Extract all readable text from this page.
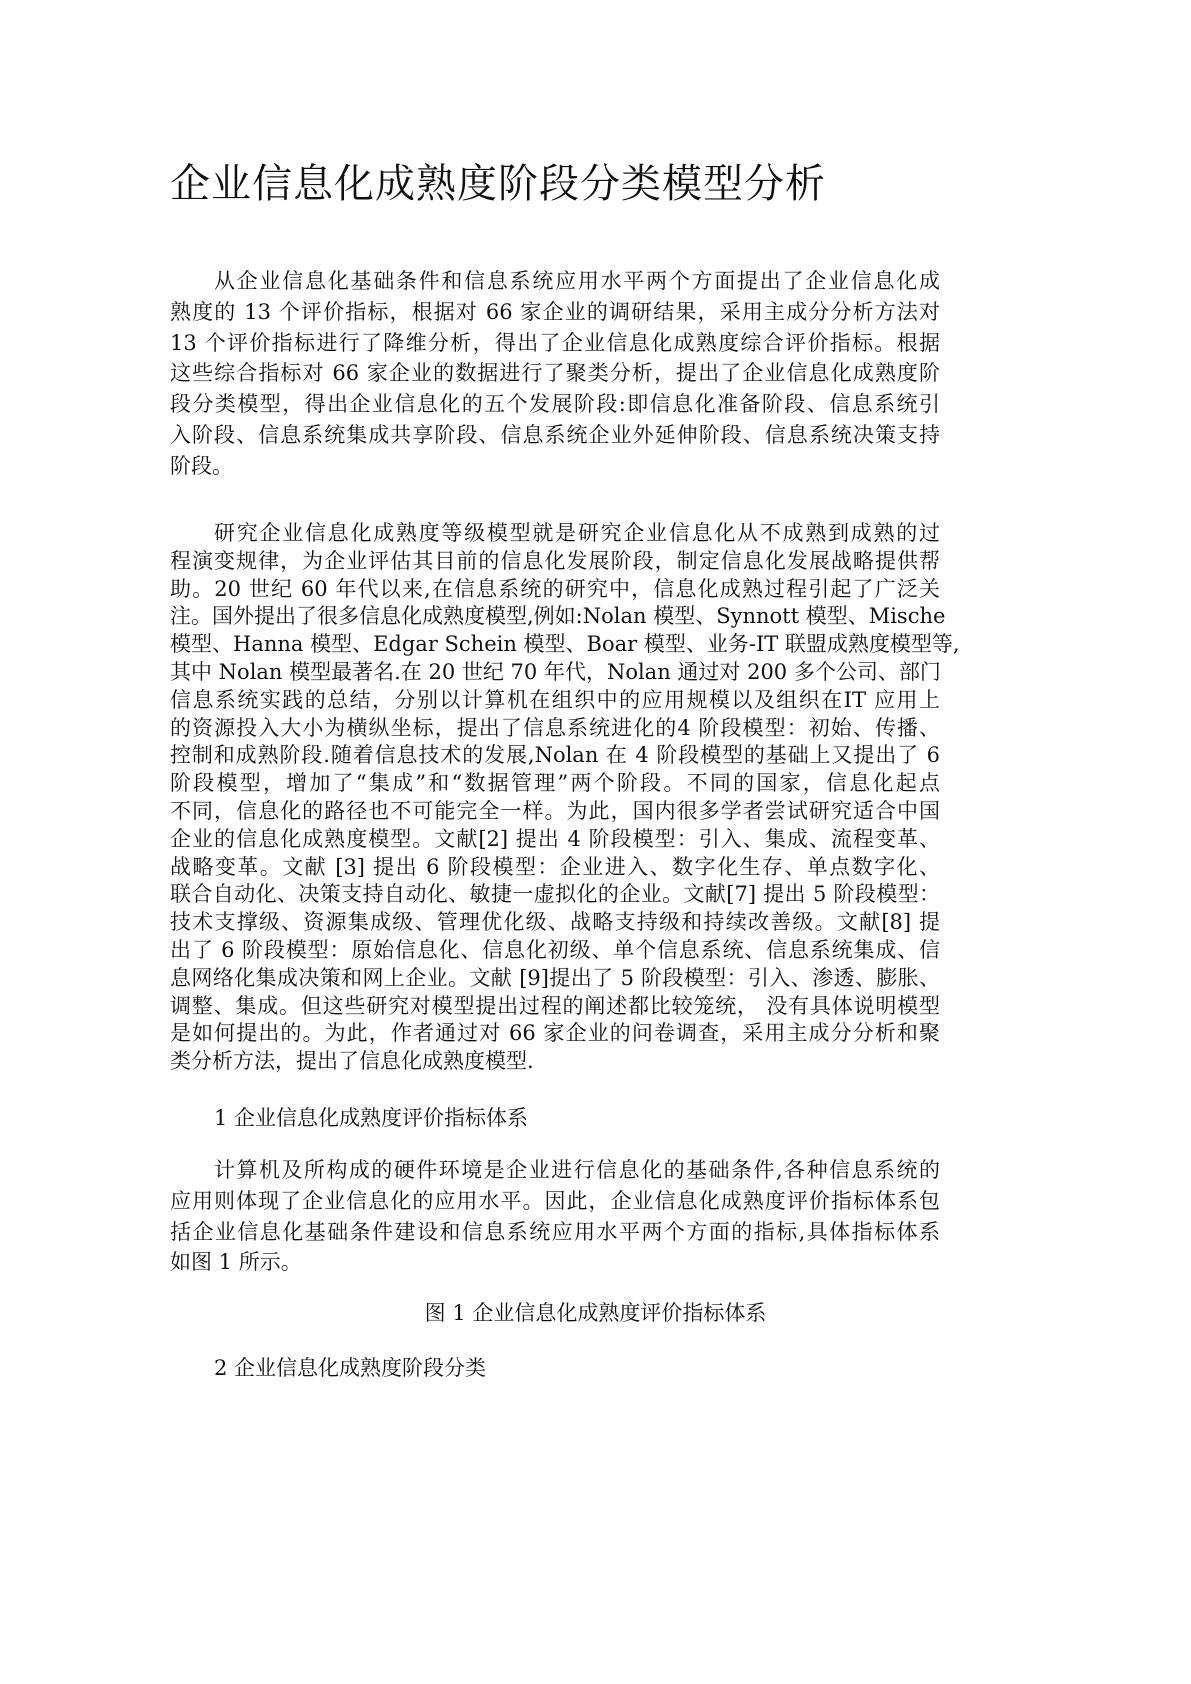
企业信息化成熟度阶段分类模型分析
从企业信息化基础条件和信息系统应用水平两个方面提出了企业信息化成
熟度的 13 个评价指标，根据对 66 家企业的调研结果，采用主成分分析方法对
13 个评价指标进行了降维分析，得出了企业信息化成熟度综合评价指标。根据
这些综合指标对 66 家企业的数据进行了聚类分析，提出了企业信息化成熟度阶
段分类模型，得出企业信息化的五个发展阶段:即信息化准备阶段、信息系统引
入阶段、信息系统集成共享阶段、信息系统企业外延伸阶段、信息系统决策支持
阶段。
研究企业信息化成熟度等级模型就是研究企业信息化从不成熟到成熟的过
程演变规律，为企业评估其目前的信息化发展阶段，制定信息化发展战略提供帮
助。20 世纪 60 年代以来,在信息系统的研究中，信息化成熟过程引起了广泛关
注。国外提出了很多信息化成熟度模型,例如:Nolan 模型、Synnott 模型、Mische
模型、Hanna 模型、Edgar Schein 模型、Boar 模型、业务-IT 联盟成熟度模型等,
其中 Nolan 模型最著名.在 20 世纪 70 年代，Nolan 通过对 200 多个公司、部门
信息系统实践的总结，分别以计算机在组织中的应用规模以及组织在IT 应用上
的资源投入大小为横纵坐标，提出了信息系统进化的4 阶段模型：初始、传播、
控制和成熟阶段.随着信息技术的发展,Nolan 在 4 阶段模型的基础上又提出了 6
阶段模型，增加了“集成”和“数据管理”两个阶段。不同的国家，信息化起点
不同，信息化的路径也不可能完全一样。为此，国内很多学者尝试研究适合中国
企业的信息化成熟度模型。文献[2] 提出 4 阶段模型：引入、集成、流程变革、
战略变革。文献 [3] 提出 6 阶段模型：企业进入、数字化生存、单点数字化、
联合自动化、决策支持自动化、敏捷一虚拟化的企业。文献[7] 提出 5 阶段模型：
技术支撑级、资源集成级、管理优化级、战略支持级和持续改善级。文献[8] 提
出了 6 阶段模型：原始信息化、信息化初级、单个信息系统、信息系统集成、信
息网络化集成决策和网上企业。文献 [9]提出了 5 阶段模型：引入、渗透、膨胀、
调整、集成。但这些研究对模型提出过程的阐述都比较笼统， 没有具体说明模型
是如何提出的。为此，作者通过对 66 家企业的问卷调查，采用主成分分析和聚
类分析方法，提出了信息化成熟度模型.
1 企业信息化成熟度评价指标体系
计算机及所构成的硬件环境是企业进行信息化的基础条件,各种信息系统的
应用则体现了企业信息化的应用水平。因此，企业信息化成熟度评价指标体系包
括企业信息化基础条件建设和信息系统应用水平两个方面的指标,具体指标体系
如图 1 所示。
图 1 企业信息化成熟度评价指标体系
2 企业信息化成熟度阶段分类
